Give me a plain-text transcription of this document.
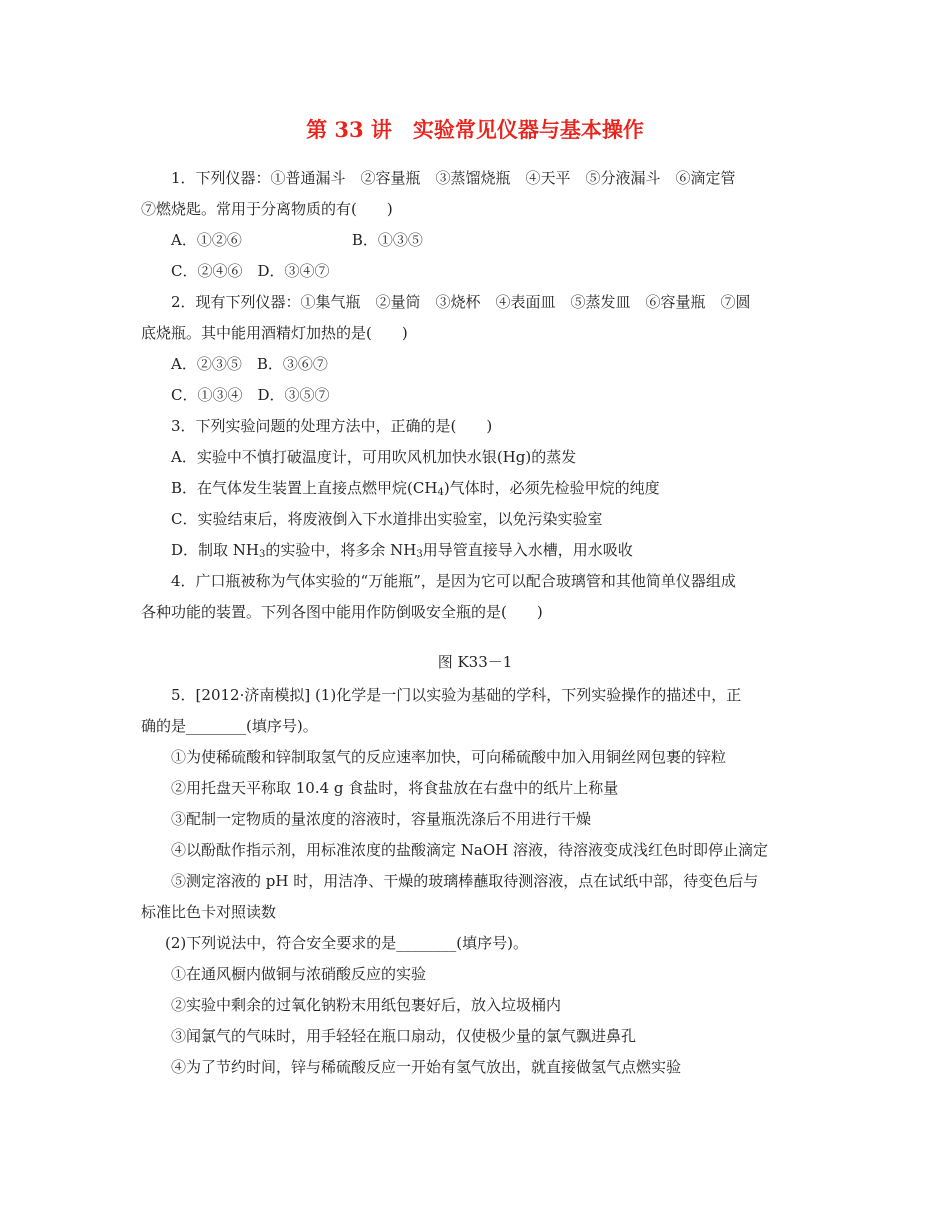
第 33 讲　实验常见仪器与基本操作
1．下列仪器：①普通漏斗　②容量瓶　③蒸馏烧瓶　④天平　⑤分液漏斗　⑥滴定管
⑦燃烧匙。常用于分离物质的有(　　)
A．①②⑥	B．①③⑤
C．②④⑥　D．③④⑦
2．现有下列仪器：①集气瓶　②量筒　③烧杯　④表面皿　⑤蒸发皿　⑥容量瓶　⑦圆
底烧瓶。其中能用酒精灯加热的是(　　)
A．②③⑤　B．③⑥⑦
C．①③④　D．③⑤⑦
3．下列实验问题的处理方法中，正确的是(　　)
A．实验中不慎打破温度计，可用吹风机加快水银(Hg)的蒸发
B．在气体发生装置上直接点燃甲烷$(CH_4)$气体时，必须先检验甲烷的纯度
C．实验结束后，将废液倒入下水道排出实验室，以免污染实验室
D．制取 $NH_3$的实验中，将多余 $NH_3$用导管直接导入水槽，用水吸收
4．广口瓶被称为气体实验的“万能瓶”，是因为它可以配合玻璃管和其他简单仪器组成
各种功能的装置。下列各图中能用作防倒吸安全瓶的是(　　)
图 K33－1
5．[2012·济南模拟] (1)化学是一门以实验为基础的学科，下列实验操作的描述中，正
确的是________(填序号)。
①为使稀硫酸和锌制取氢气的反应速率加快，可向稀硫酸中加入用铜丝网包裹的锌粒
②用托盘天平称取 10.4 g 食盐时，将食盐放在右盘中的纸片上称量
③配制一定物质的量浓度的溶液时，容量瓶洗涤后不用进行干燥
④以酚酞作指示剂，用标准浓度的盐酸滴定 NaOH 溶液，待溶液变成浅红色时即停止滴定
⑤测定溶液的 pH 时，用洁净、干燥的玻璃棒蘸取待测溶液，点在试纸中部，待变色后与
标准比色卡对照读数
(2)下列说法中，符合安全要求的是________(填序号)。
①在通风橱内做铜与浓硝酸反应的实验
②实验中剩余的过氧化钠粉末用纸包裹好后，放入垃圾桶内
③闻氯气的气味时，用手轻轻在瓶口扇动，仅使极少量的氯气飘进鼻孔
④为了节约时间，锌与稀硫酸反应一开始有氢气放出，就直接做氢气点燃实验
